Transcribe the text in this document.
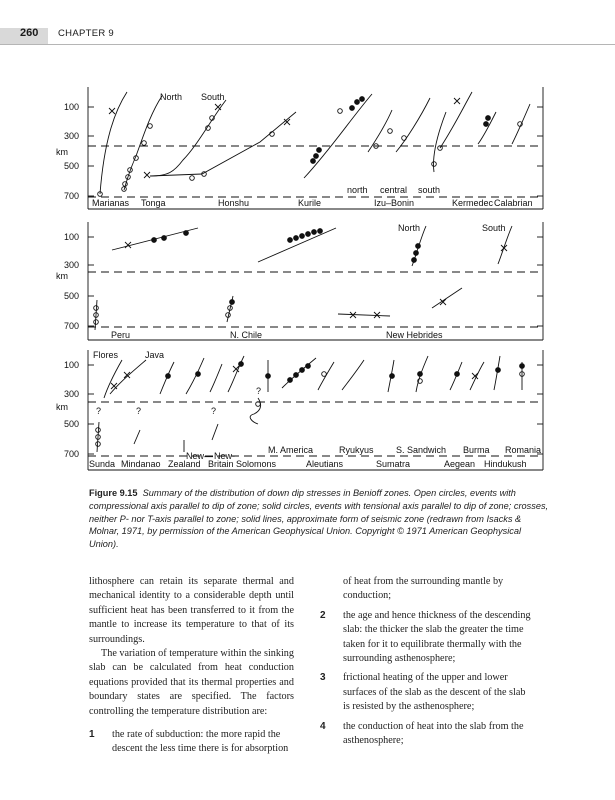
260 CHAPTER 9
100
300
km
500
700
North South
north central south
Marianas Tonga	Honshu	Kurile	Izu–Bonin	Kermedec Calabrian
100
300
km
500
700
North	South
Peru	N. Chile	New Hebrides
100
300
km
500
700
Flores	Java
?	?	?
?
New— New-
M. America	Ryukyus S. Sandwich Burma Romania
Sunda Mindanao Zealand Britain Solomons	Aleutians	Sumatra	Aegean Hindukush
Figure 9.15 Summary of the distribution of down dip stresses in Benioff zones. Open circles, events with compressional axis parallel to dip of zone; solid circles, events with tensional axis parallel to dip of zone; crosses, neither P- nor T-axis parallel to zone; solid lines, approximate form of seismic zone (redrawn from Isacks & Molnar, 1971, by permission of the American Geophysical Union. Copyright © 1971 American Geophysical Union).

lithosphere can retain its separate thermal and mechanical identity to a considerable depth until sufficient heat has been transferred to it from the mantle to increase its temperature to that of its surroundings.

The variation of temperature within the sinking slab can be calculated from heat conduction equations provided that its thermal properties and boundary states are specified. The factors controlling the temperature distribution are:

1 the rate of subduction: the more rapid the
descent the less time there is for absorption
of heat from the surrounding mantle by
conduction;
2 the age and hence thickness of the descending
slab: the thicker the slab the greater the time
taken for it to equilibrate thermally with the
surrounding asthenosphere;
3 frictional heating of the upper and lower
surfaces of the slab as the descent of the slab
is resisted by the asthenosphere;
4 the conduction of heat into the slab from the
asthenosphere;
